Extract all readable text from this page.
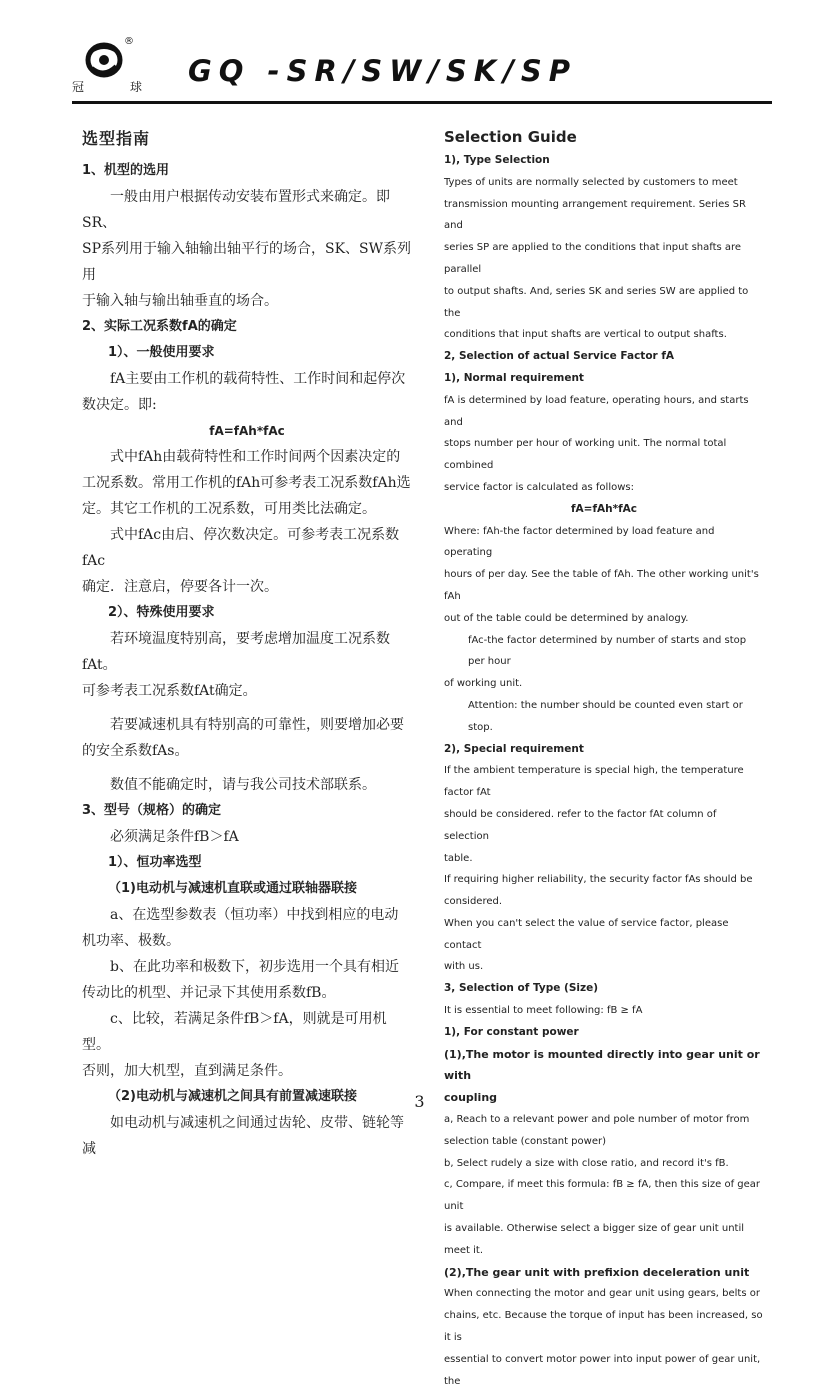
®
冠	球 GQ -SR/SW/SK/SP

选型指南

1、机型的选用

一般由用户根据传动安装布置形式来确定。即SR、

SP系列用于输入轴输出轴平行的场合，SK、SW系列用

于输入轴与输出轴垂直的场合。

2、实际工况系数fA的确定

1）、一般使用要求

fA主要由工作机的载荷特性、工作时间和起停次

数决定。即:

fA=fAh*fAc

式中fAh由载荷特性和工作时间两个因素决定的

工况系数。常用工作机的fAh可参考表工况系数fAh选

定。其它工作机的工况系数，可用类比法确定。

式中fAc由启、停次数决定。可参考表工况系数fAc

确定．注意启，停要各计一次。

2）、特殊使用要求

若环境温度特别高，要考虑增加温度工况系数fAt。

可参考表工况系数fAt确定。

若要减速机具有特别高的可靠性，则要增加必要

的安全系数fAs。

数值不能确定时，请与我公司技术部联系。

3、型号（规格）的确定

必须满足条件fB＞fA

1）、恒功率选型

（1)电动机与减速机直联或通过联轴器联接

a、在选型参数表（恒功率）中找到相应的电动

机功率、极数。

b、在此功率和极数下，初步选用一个具有相近

传动比的机型、并记录下其使用系数fB。

c、比较，若满足条件fB＞fA，则就是可用机型。

否则，加大机型，直到满足条件。

（2)电动机与减速机之间具有前置减速联接

如电动机与减速机之间通过齿轮、皮带、链轮等减

Selection Guide

1), Type Selection

Types of units are normally selected by customers to meet

transmission mounting arrangement requirement. Series SR and

series SP are applied to the conditions that input shafts are parallel

to output shafts. And, series SK and series SW are applied to the

conditions that input shafts are vertical to output shafts.

2, Selection of actual Service Factor fA

1), Normal requirement

fA is determined by load feature, operating hours, and starts and

stops number per hour of working unit. The normal total combined

service factor is calculated as follows:

fA=fAh*fAc

Where: fAh-the factor determined by load feature and operating

hours of per day. See the table of fAh. The other working unit's fAh

out of the table could be determined by analogy.

fAc-the factor determined by number of starts and stop per hour

of working unit.

Attention: the number should be counted even start or stop.

2), Special requirement

If the ambient temperature is special high, the temperature factor fAt

should be considered. refer to the factor fAt column of selection

table.

If requiring higher reliability, the security factor fAs should be

considered.

When you can't select the value of service factor, please contact

with us.

3, Selection of Type (Size)

It is essential to meet following: fB ≥ fA

1), For constant power

(1),The motor is mounted directly into gear unit or with

coupling

a, Reach to a relevant power and pole number of motor from

selection table (constant power)

b, Select rudely a size with close ratio, and record it's fB.

c, Compare, if meet this formula: fB ≥ fA, then this size of gear unit

is available. Otherwise select a bigger size of gear unit until

meet it.

(2),The gear unit with prefixion deceleration unit

When connecting the motor and gear unit using gears, belts or

chains, etc. Because the torque of input has been increased, so it is

essential to convert motor power into input power of gear unit, the

3
